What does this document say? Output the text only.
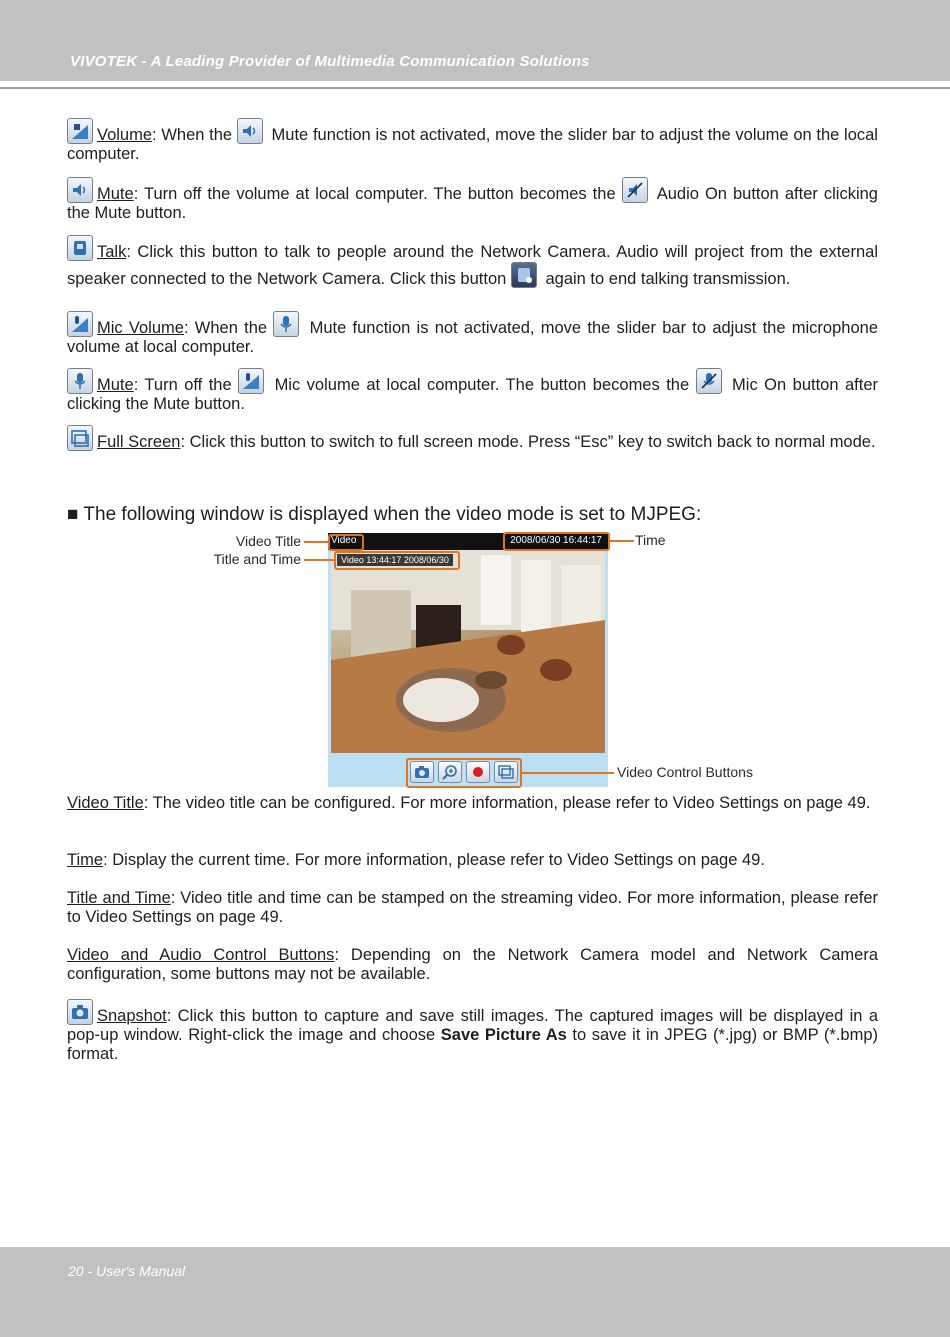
VIVOTEK - A Leading Provider of Multimedia Communication Solutions
Volume: When the
Mute function is not activated, move the slider bar to adjust the volume on the local computer.
Mute: Turn off the volume at local computer. The button becomes the
Audio On button after clicking the Mute button.
Talk: Click this button to talk to people around the Network Camera. Audio will project from the external speaker connected to the Network Camera. Click this button
again to end talking transmission.
Mic Volume: When the
Mute function is not activated, move the slider bar to adjust the microphone volume at local computer.
Mute: Turn off the
Mic volume at local computer. The button becomes the
Mic On button after clicking the Mute button.
Full Screen: Click this button to switch to full screen mode. Press “Esc” key to switch back to normal mode.
■ The following window is displayed when the video mode is set to MJPEG:
Video	2008/06/30 16:44:17
Video 13:44:17 2008/06/30
Video Title
Title and Time
Time
Video Control Buttons
Video Title: The video title can be configured. For more information, please refer to Video Settings on page 49.
Time: Display the current time. For more information, please refer to Video Settings on page 49.
Title and Time: Video title and time can be stamped on the streaming video. For more information, please refer to Video Settings on page 49.
Video and Audio Control Buttons: Depending on the Network Camera model and Network Camera configuration, some buttons may not be available.
Snapshot: Click this button to capture and save still images. The captured images will be displayed in a pop-up window. Right-click the image and choose Save Picture As to save it in JPEG (*.jpg) or BMP (*.bmp) format.
20 - User's Manual
